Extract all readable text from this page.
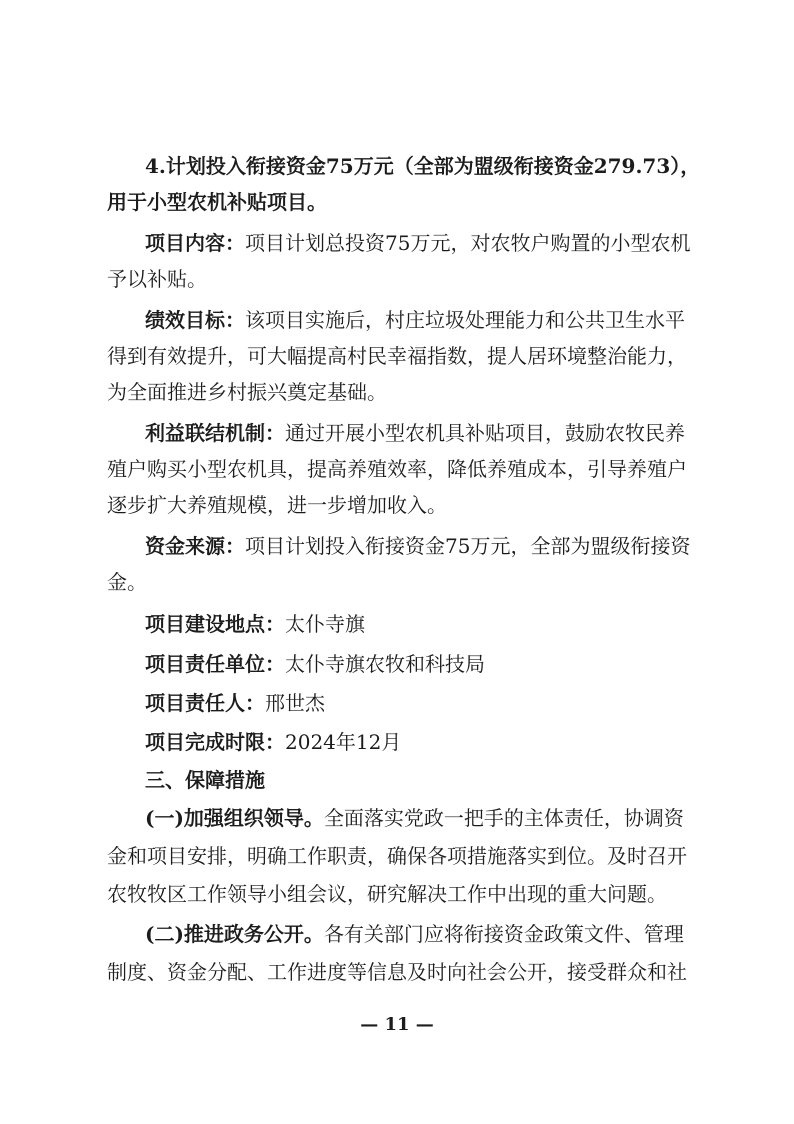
4.计划投入衔接资金75万元（全部为盟级衔接资金279.73），
用于小型农机补贴项目。
项目内容：项目计划总投资75万元，对农牧户购置的小型农机
予以补贴。
绩效目标：该项目实施后，村庄垃圾处理能力和公共卫生水平
得到有效提升，可大幅提高村民幸福指数，提人居环境整治能力，
为全面推进乡村振兴奠定基础。
利益联结机制：通过开展小型农机具补贴项目，鼓励农牧民养
殖户购买小型农机具，提高养殖效率，降低养殖成本，引导养殖户
逐步扩大养殖规模，进一步增加收入。
资金来源：项目计划投入衔接资金75万元，全部为盟级衔接资
金。
项目建设地点：太仆寺旗
项目责任单位：太仆寺旗农牧和科技局
项目责任人：邢世杰
项目完成时限：2024年12月
三、保障措施
(一)加强组织领导。全面落实党政一把手的主体责任，协调资
金和项目安排，明确工作职责，确保各项措施落实到位。及时召开
农牧牧区工作领导小组会议，研究解决工作中出现的重大问题。
(二)推进政务公开。各有关部门应将衔接资金政策文件、管理
制度、资金分配、工作进度等信息及时向社会公开，接受群众和社
— 11 —
